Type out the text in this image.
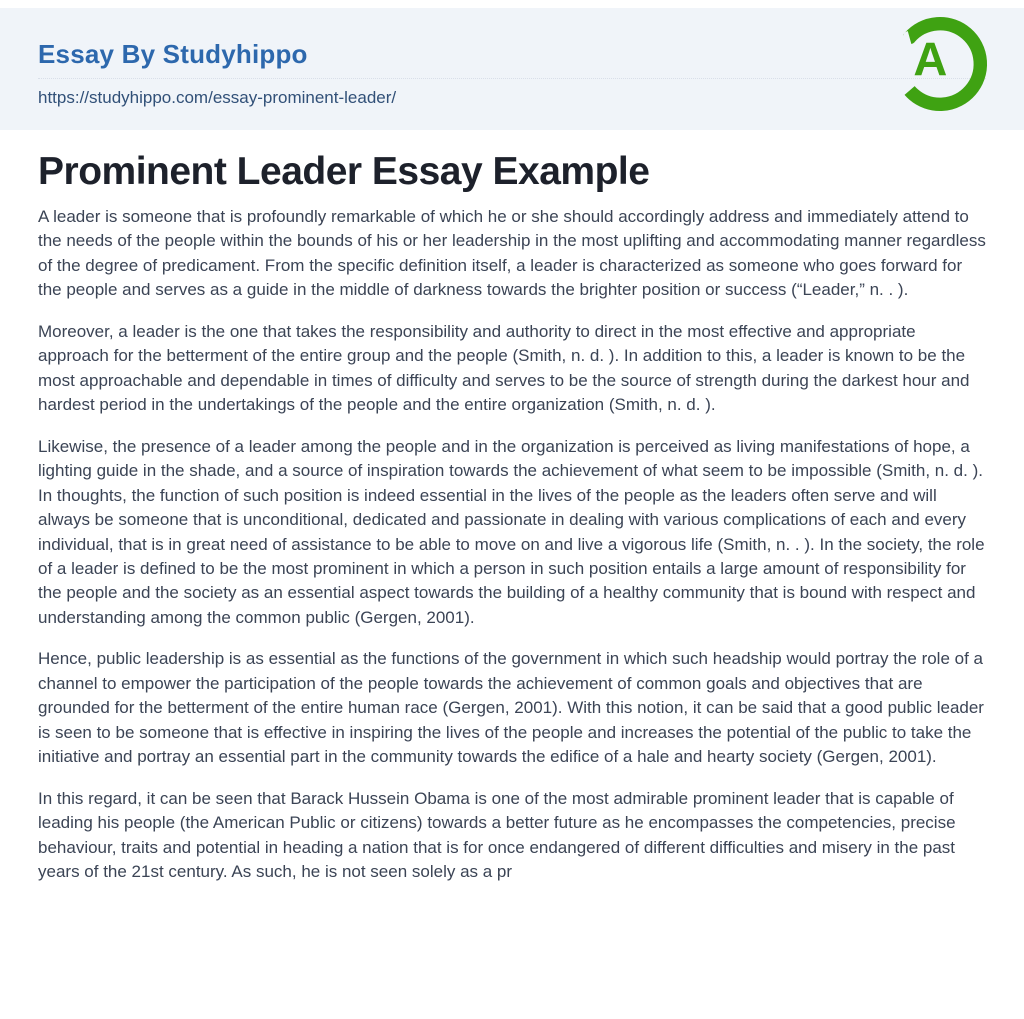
Essay By Studyhippo
https://studyhippo.com/essay-prominent-leader/
A
Prominent Leader Essay Example

A leader is someone that is profoundly remarkable of which he or she should accordingly address and immediately attend to the needs of the people within the bounds of his or her leadership in the most uplifting and accommodating manner regardless of the degree of predicament. From the specific definition itself, a leader is characterized as someone who goes forward for the people and serves as a guide in the middle of darkness towards the brighter position or success (“Leader,” n. . ).

Moreover, a leader is the one that takes the responsibility and authority to direct in the most effective and appropriate approach for the betterment of the entire group and the people (Smith, n. d. ). In addition to this, a leader is known to be the most approachable and dependable in times of difficulty and serves to be the source of strength during the darkest hour and hardest period in the undertakings of the people and the entire organization (Smith, n. d. ).

Likewise, the presence of a leader among the people and in the organization is perceived as living manifestations of hope, a lighting guide in the shade, and a source of inspiration towards the achievement of what seem to be impossible (Smith, n. d. ). In thoughts, the function of such position is indeed essential in the lives of the people as the leaders often serve and will always be someone that is unconditional, dedicated and passionate in dealing with various complications of each and every individual, that is in great need of assistance to be able to move on and live a vigorous life (Smith, n. . ). In the society, the role of a leader is defined to be the most prominent in which a person in such position entails a large amount of responsibility for the people and the society as an essential aspect towards the building of a healthy community that is bound with respect and understanding among the common public (Gergen, 2001).

Hence, public leadership is as essential as the functions of the government in which such headship would portray the role of a channel to empower the participation of the people towards the achievement of common goals and objectives that are grounded for the betterment of the entire human race (Gergen, 2001). With this notion, it can be said that a good public leader is seen to be someone that is effective in inspiring the lives of the people and increases the potential of the public to take the initiative and portray an essential part in the community towards the edifice of a hale and hearty society (Gergen, 2001).

In this regard, it can be seen that Barack Hussein Obama is one of the most admirable prominent leader that is capable of leading his people (the American Public or citizens) towards a better future as he encompasses the competencies, precise behaviour, traits and potential in heading a nation that is for once endangered of different difficulties and misery in the past years of the 21st century. As such, he is not seen solely as a pr
